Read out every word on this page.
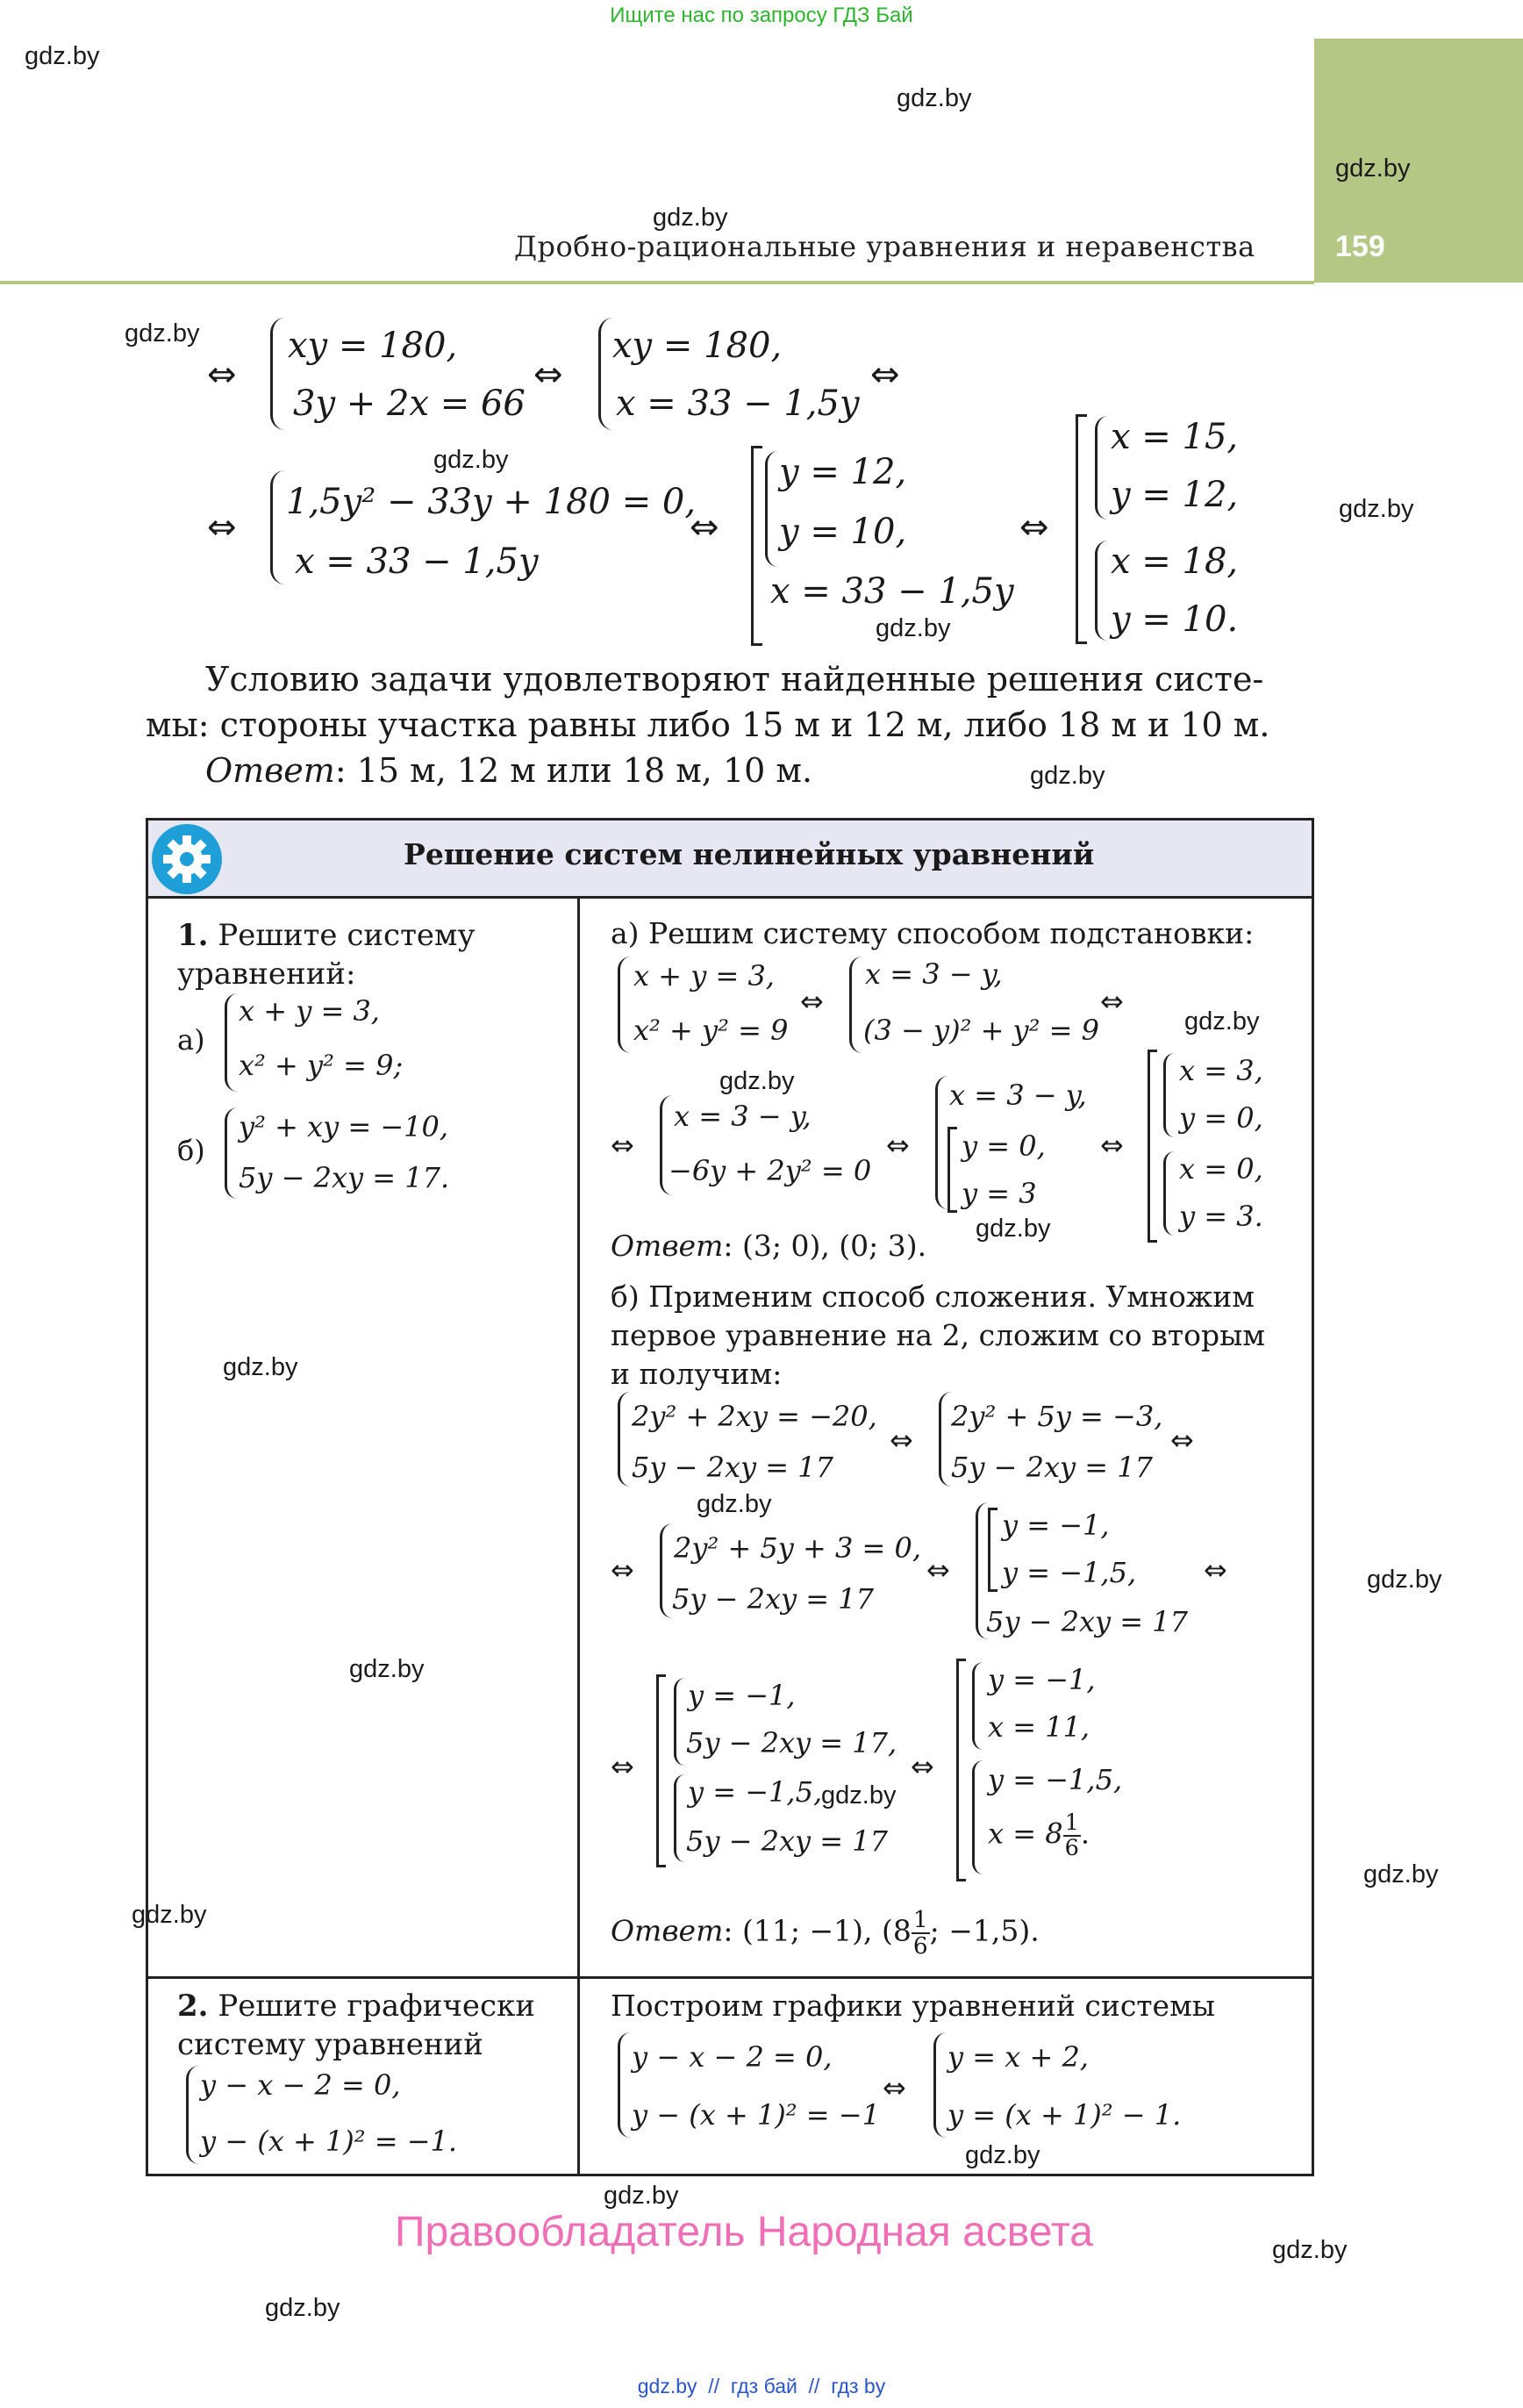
Ищите нас по запросу ГДЗ Бай
159
Дробно-рациональные уравнения и неравенства
gdz.by
gdz.by
gdz.by
gdz.by
gdz.by
gdz.by
gdz.by
gdz.by
gdz.by
gdz.by
gdz.by
gdz.by
gdz.by
gdz.by
gdz.by
gdz.by
gdz.by
gdz.by
gdz.by
gdz.by
gdz.by
gdz.by
gdz.by
⇔
xy = 180,
3y + 2x = 66
⇔
xy = 180,
x = 33 − 1,5y
⇔
⇔
1,5y² − 33y + 180 = 0,
x = 33 − 1,5y
⇔
y = 12,
y = 10,
x = 33 − 1,5y
⇔
x = 15,
y = 12,
x = 18,
y = 10.
Условию задачи удовлетворяют найденные решения систе-
мы: стороны участка равны либо 15 м и 12 м, либо 18 м и 10 м.
Ответ: 15 м, 12 м или 18 м, 10 м.
Решение систем нелинейных уравнений
1. Решите систему
уравнений:
а)
x + y = 3,
x² + y² = 9;
б)
y² + xy = −10,
5y − 2xy = 17.
а) Решим систему способом подстановки:
x + y = 3,
x² + y² = 9
⇔
x = 3 − y,
(3 − y)² + y² = 9
⇔
⇔
x = 3 − y,
−6y + 2y² = 0
⇔
x = 3 − y,
y = 0,
y = 3
⇔
x = 3,
y = 0,
x = 0,
y = 3.
Ответ: (3; 0), (0; 3).
б) Применим способ сложения. Умножим
первое уравнение на 2, сложим со вторым
и получим:
2y² + 2xy = −20,
5y − 2xy = 17
⇔
2y² + 5y = −3,
5y − 2xy = 17
⇔
⇔
2y² + 5y + 3 = 0,
5y − 2xy = 17
⇔
y = −1,
y = −1,5,
5y − 2xy = 17
⇔
⇔
y = −1,
5y − 2xy = 17,
y = −1,5,
5y − 2xy = 17
⇔
y = −1,
x = 11,
y = −1,5,
$x = 8 \frac{1}{6}$ .
Ответ: (11; −1), ($8 \frac{1}{6}$ ; −1,5).
2. Решите графически
систему уравнений
y − x − 2 = 0,
y − (x + 1)² = −1.
Построим графики уравнений системы
y − x − 2 = 0,
y − (x + 1)² = −1
⇔
y = x + 2,
y = (x + 1)² − 1.
Правообладатель Народная асвета
gdz.by  //  гдз бай  //  гдз by
